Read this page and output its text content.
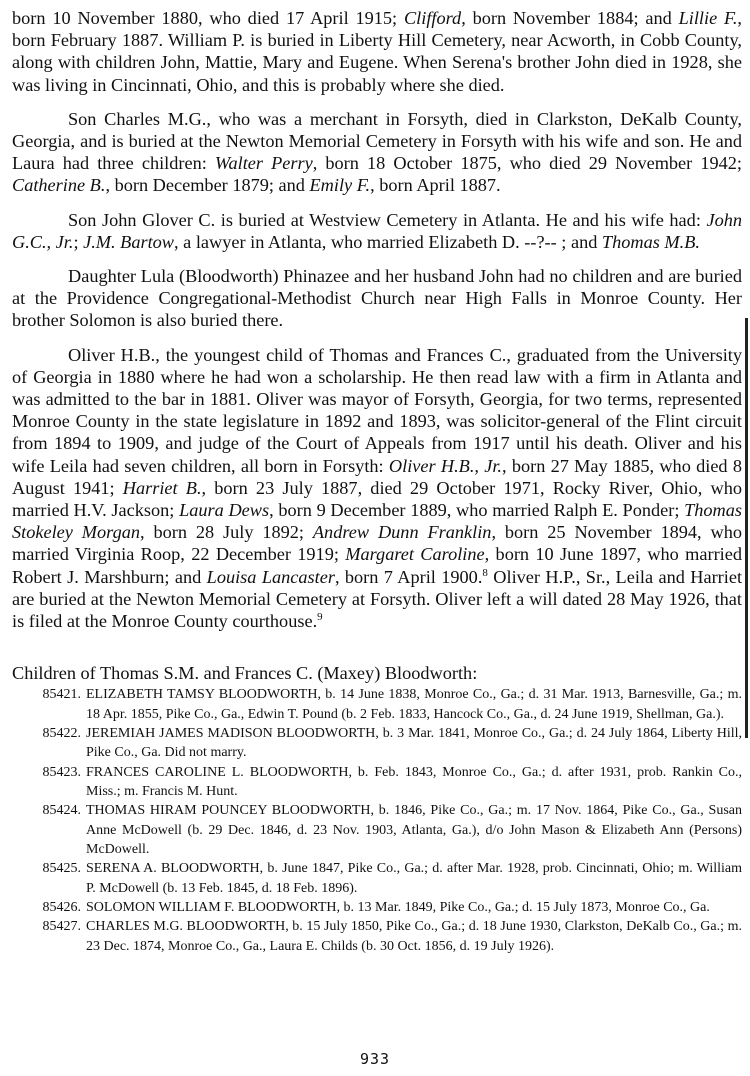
born 10 November 1880, who died 17 April 1915; Clifford, born November 1884; and Lillie F., born February 1887. William P. is buried in Liberty Hill Cemetery, near Acworth, in Cobb County, along with children John, Mattie, Mary and Eugene. When Serena's brother John died in 1928, she was living in Cincinnati, Ohio, and this is probably where she died.

Son Charles M.G., who was a merchant in Forsyth, died in Clarkston, DeKalb County, Georgia, and is buried at the Newton Memorial Cemetery in Forsyth with his wife and son. He and Laura had three children: Walter Perry, born 18 October 1875, who died 29 November 1942; Catherine B., born December 1879; and Emily F., born April 1887.

Son John Glover C. is buried at Westview Cemetery in Atlanta. He and his wife had: John G.C., Jr.; J.M. Bartow, a lawyer in Atlanta, who married Elizabeth D. --?-- ; and Thomas M.B.

Daughter Lula (Bloodworth) Phinazee and her husband John had no children and are buried at the Providence Congregational-Methodist Church near High Falls in Monroe County. Her brother Solomon is also buried there.

Oliver H.B., the youngest child of Thomas and Frances C., graduated from the University of Georgia in 1880 where he had won a scholarship. He then read law with a firm in Atlanta and was admitted to the bar in 1881. Oliver was mayor of Forsyth, Georgia, for two terms, represented Monroe County in the state legislature in 1892 and 1893, was solicitor-general of the Flint circuit from 1894 to 1909, and judge of the Court of Appeals from 1917 until his death. Oliver and his wife Leila had seven children, all born in Forsyth: Oliver H.B., Jr., born 27 May 1885, who died 8 August 1941; Harriet B., born 23 July 1887, died 29 October 1971, Rocky River, Ohio, who married H.V. Jackson; Laura Dews, born 9 December 1889, who married Ralph E. Ponder; Thomas Stokeley Morgan, born 28 July 1892; Andrew Dunn Franklin, born 25 November 1894, who married Virginia Roop, 22 December 1919; Margaret Caroline, born 10 June 1897, who married Robert J. Marshburn; and Louisa Lancaster, born 7 April 1900.$^8$ Oliver H.P., Sr., Leila and Harriet are buried at the Newton Memorial Cemetery at Forsyth. Oliver left a will dated 28 May 1926, that is filed at the Monroe County courthouse.$^9$

Children of Thomas S.M. and Frances C. (Maxey) Bloodworth:
85421. ELIZABETH TAMSY BLOODWORTH, b. 14 June 1838, Monroe Co., Ga.; d. 31 Mar. 1913, Barnesville, Ga.; m. 18 Apr. 1855, Pike Co., Ga., Edwin T. Pound (b. 2 Feb. 1833, Hancock Co., Ga., d. 24 June 1919, Shellman, Ga.).
85422. JEREMIAH JAMES MADISON BLOODWORTH, b. 3 Mar. 1841, Monroe Co., Ga.; d. 24 July 1864, Liberty Hill, Pike Co., Ga. Did not marry.
85423. FRANCES CAROLINE L. BLOODWORTH, b. Feb. 1843, Monroe Co., Ga.; d. after 1931, prob. Rankin Co., Miss.; m. Francis M. Hunt.
85424. THOMAS HIRAM POUNCEY BLOODWORTH, b. 1846, Pike Co., Ga.; m. 17 Nov. 1864, Pike Co., Ga., Susan Anne McDowell (b. 29 Dec. 1846, d. 23 Nov. 1903, Atlanta, Ga.), d/o John Mason & Elizabeth Ann (Persons) McDowell.
85425. SERENA A. BLOODWORTH, b. June 1847, Pike Co., Ga.; d. after Mar. 1928, prob. Cincinnati, Ohio; m. William P. McDowell (b. 13 Feb. 1845, d. 18 Feb. 1896).
85426. SOLOMON WILLIAM F. BLOODWORTH, b. 13 Mar. 1849, Pike Co., Ga.; d. 15 July 1873, Monroe Co., Ga.
85427. CHARLES M.G. BLOODWORTH, b. 15 July 1850, Pike Co., Ga.; d. 18 June 1930, Clarkston, DeKalb Co., Ga.; m. 23 Dec. 1874, Monroe Co., Ga., Laura E. Childs (b. 30 Oct. 1856, d. 19 July 1926).
933
